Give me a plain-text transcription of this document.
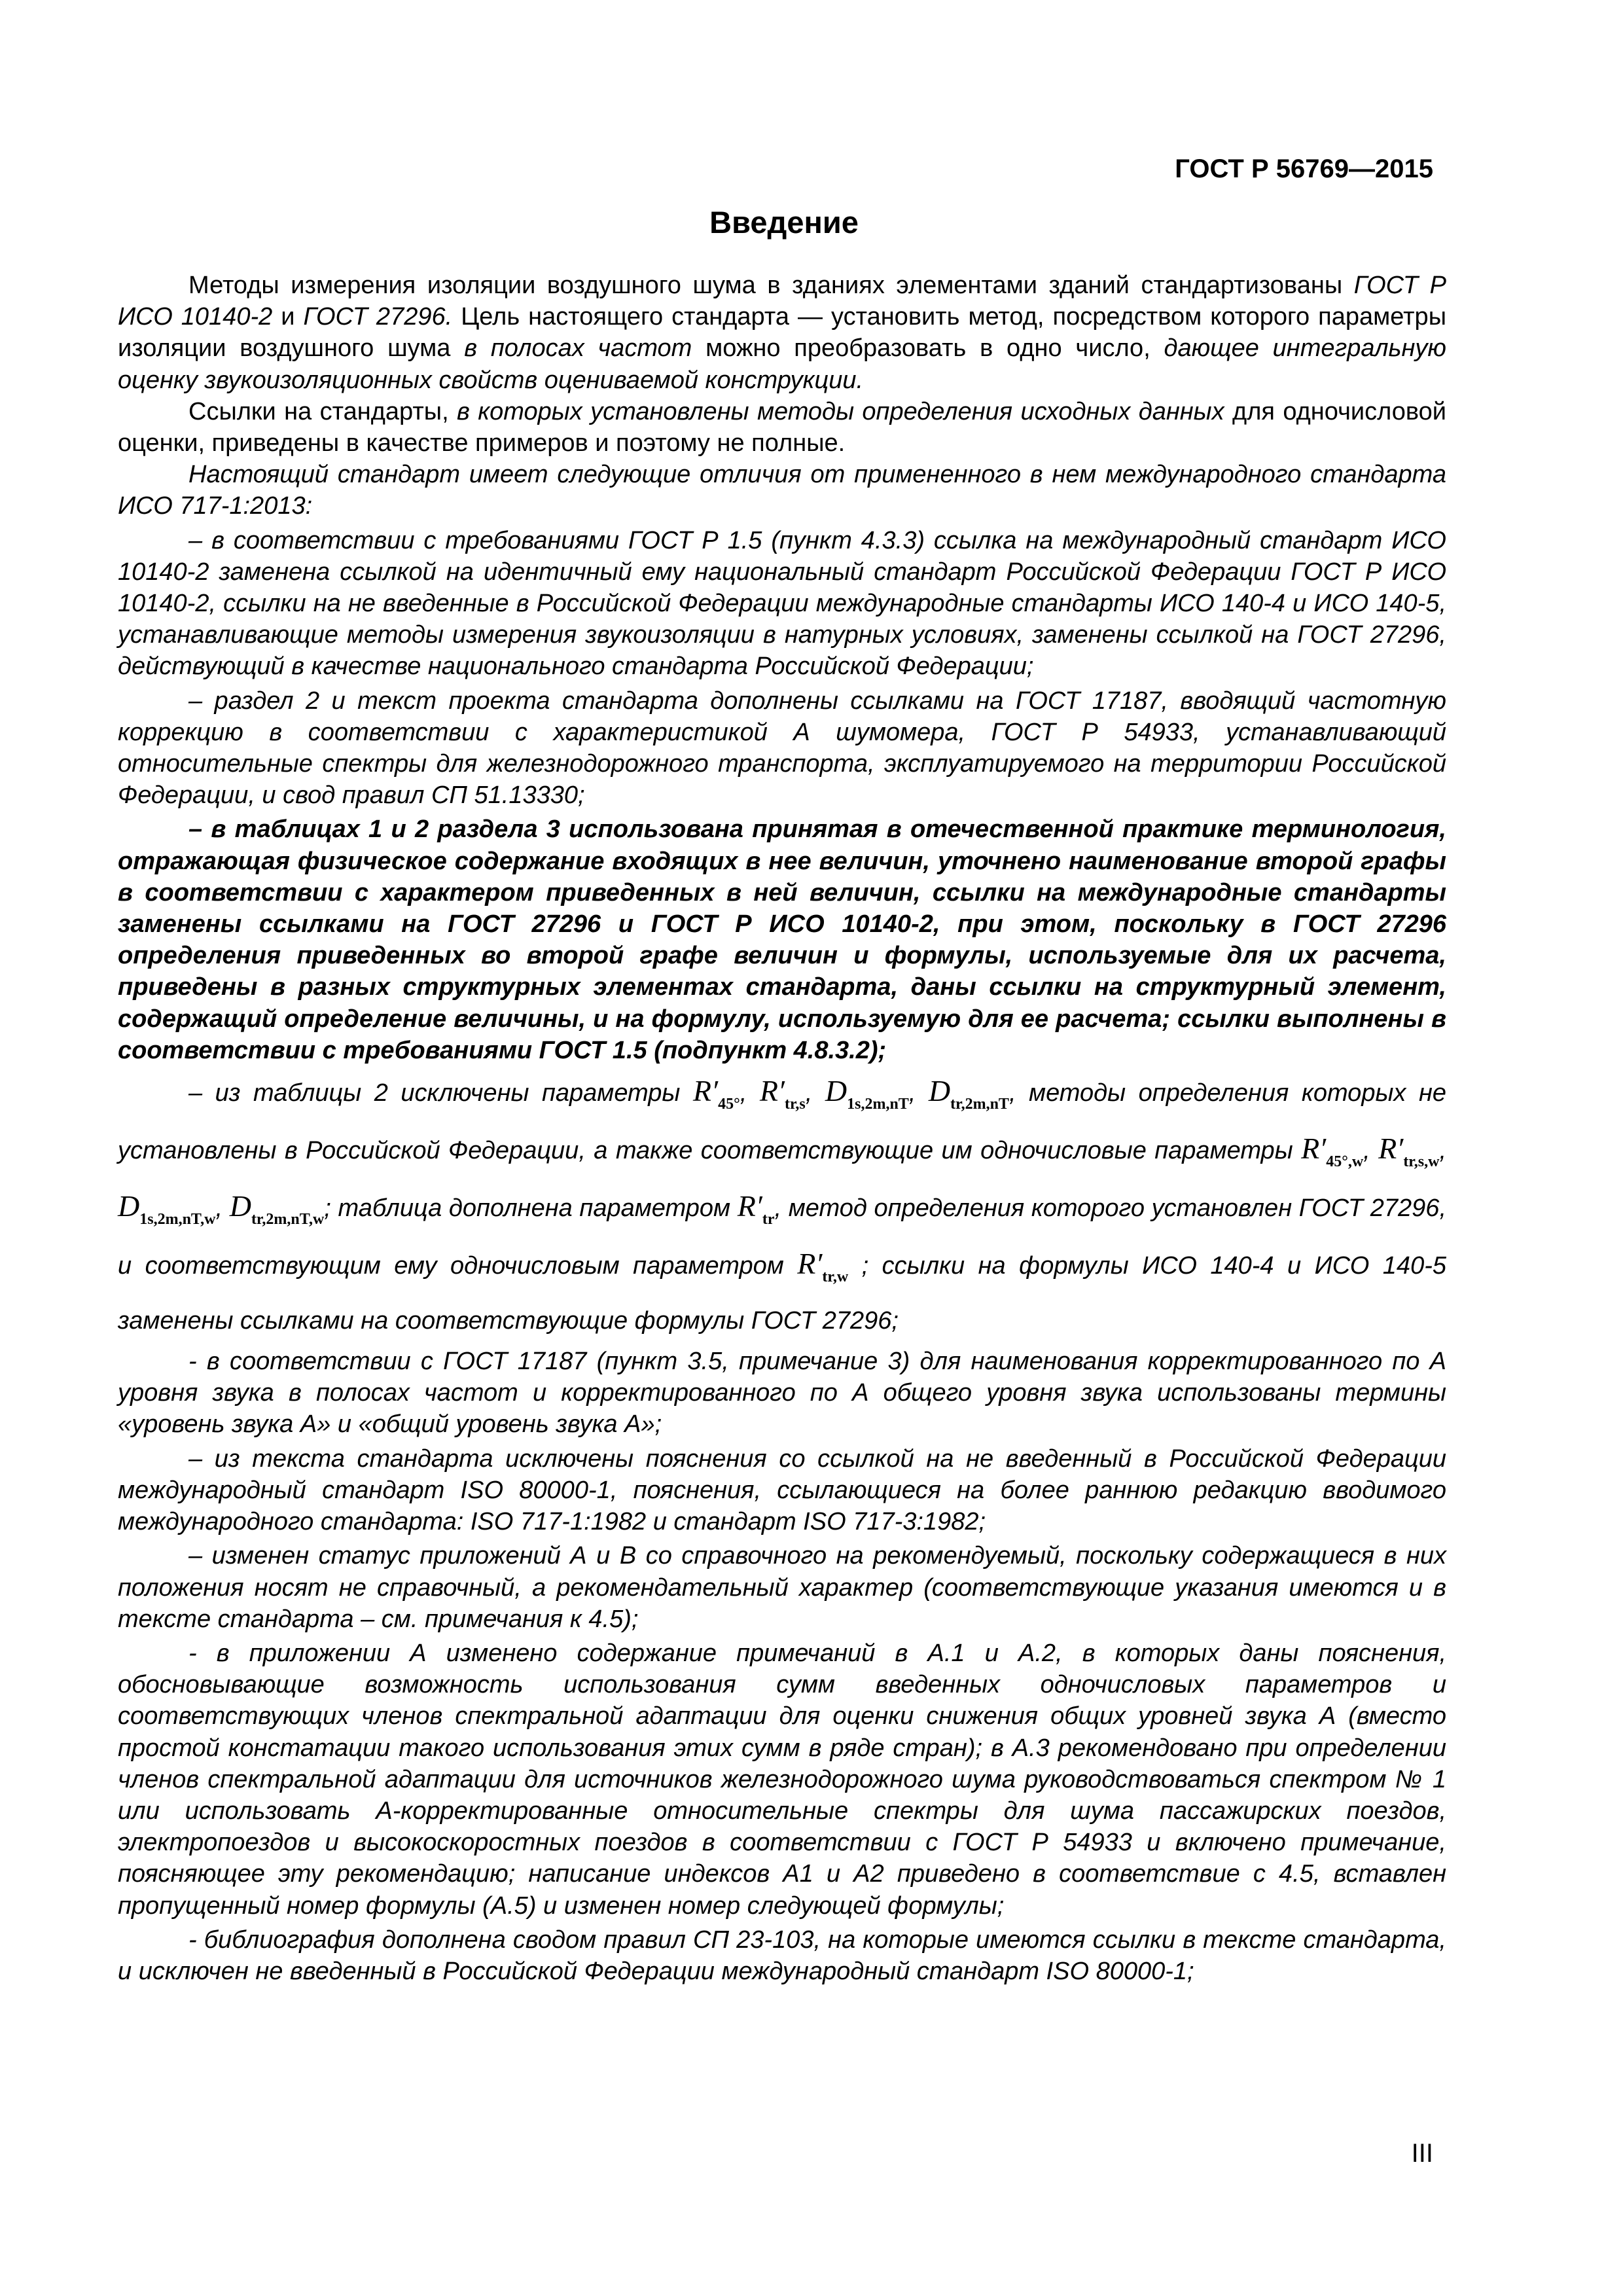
ГОСТ Р 56769—2015
Введение

Методы измерения изоляции воздушного шума в зданиях элементами зданий стандартизованы ГОСТ Р ИСО 10140-2 и ГОСТ 27296. Цель настоящего стандарта — установить метод, посредством которого параметры изоляции воздушного шума в полосах частот можно преобразовать в одно число, дающее интегральную оценку звукоизоляционных свойств оцениваемой конструкции.

Ссылки на стандарты, в которых установлены методы определения исходных данных для одночисловой оценки, приведены в качестве примеров и поэтому не полные.

Настоящий стандарт имеет следующие отличия от примененного в нем международного стандарта ИСО 717-1:2013:

– в соответствии с требованиями ГОСТ Р 1.5 (пункт 4.3.3) ссылка на международный стандарт ИСО 10140-2 заменена ссылкой на идентичный ему национальный стандарт Российской Федерации ГОСТ Р ИСО 10140-2, ссылки на не введенные в Российской Федерации международные стандарты ИСО 140-4 и ИСО 140-5, устанавливающие методы измерения звукоизоляции в натурных условиях, заменены ссылкой на ГОСТ 27296, действующий в качестве национального стандарта Российской Федерации;

– раздел 2 и текст проекта стандарта дополнены ссылками на ГОСТ 17187, вводящий частотную коррекцию в соответствии с характеристикой А шумомера, ГОСТ Р 54933, устанавливающий относительные спектры для железнодорожного транспорта, эксплуатируемого на территории Российской Федерации, и свод правил СП 51.13330;

– в таблицах 1 и 2 раздела 3 использована принятая в отечественной практике терминология, отражающая физическое содержание входящих в нее величин, уточнено наименование второй графы в соответствии с характером приведенных в ней величин, ссылки на международные стандарты заменены ссылками на ГОСТ 27296 и ГОСТ Р ИСО 10140-2, при этом, поскольку в ГОСТ 27296 определения приведенных во второй графе величин и формулы, используемые для их расчета, приведены в разных структурных элементах стандарта, даны ссылки на структурный элемент, содержащий определение величины, и на формулу, используемую для ее расчета; ссылки выполнены в соответствии с требованиями ГОСТ 1.5 (подпункт 4.8.3.2);

– из таблицы 2 исключены параметры $R'_{45^\circ}$, $R'_{tr,s}$, $D_{1s,2m,nT}$, $D_{tr,2m,nT}$, методы определения которых не установлены в Российской Федерации, а также соответствующие им одночисловые параметры $R'_{45^\circ,w}$, $R'_{tr,s,w}$, $D_{1s,2m,nT,w}$, $D_{tr,2m,nT,w}$; таблица дополнена параметром $R'_{tr}$, метод определения которого установлен ГОСТ 27296, и соответствующим ему одночисловым параметром $R'_{tr,w}$ ; ссылки на формулы ИСО 140-4 и ИСО 140-5 заменены ссылками на соответствующие формулы ГОСТ 27296;

- в соответствии с ГОСТ 17187 (пункт 3.5, примечание 3) для наименования корректированного по А уровня звука в полосах частот и корректированного по А общего уровня звука использованы термины «уровень звука А» и «общий уровень звука А»;

– из текста стандарта исключены пояснения со ссылкой на не введенный в Российской Федерации международный стандарт ISO 80000-1, пояснения, ссылающиеся на более раннюю редакцию вводимого международного стандарта: ISO 717-1:1982 и стандарт ISO 717-3:1982;

– изменен статус приложений А и В со справочного на рекомендуемый, поскольку содержащиеся в них положения носят не справочный, а рекомендательный характер (соответствующие указания имеются и в тексте стандарта – см. примечания к 4.5);

- в приложении А изменено содержание примечаний в А.1 и А.2, в которых даны пояснения, обосновывающие возможность использования сумм введенных одночисловых параметров и соответствующих членов спектральной адаптации для оценки снижения общих уровней звука А (вместо простой констатации такого использования этих сумм в ряде стран); в А.3 рекомендовано при определении членов спектральной адаптации для источников железнодорожного шума руководствоваться спектром № 1 или использовать А-корректированные относительные спектры для шума пассажирских поездов, электропоездов и высокоскоростных поездов в соответствии с ГОСТ Р 54933 и включено примечание, поясняющее эту рекомендацию; написание индексов А1 и А2 приведено в соответствие с 4.5, вставлен пропущенный номер формулы (А.5) и изменен номер следующей формулы;

- библиография дополнена сводом правил СП 23-103, на которые имеются ссылки в тексте стандарта, и исключен не введенный в Российской Федерации международный стандарт ISO 80000-1;

III
